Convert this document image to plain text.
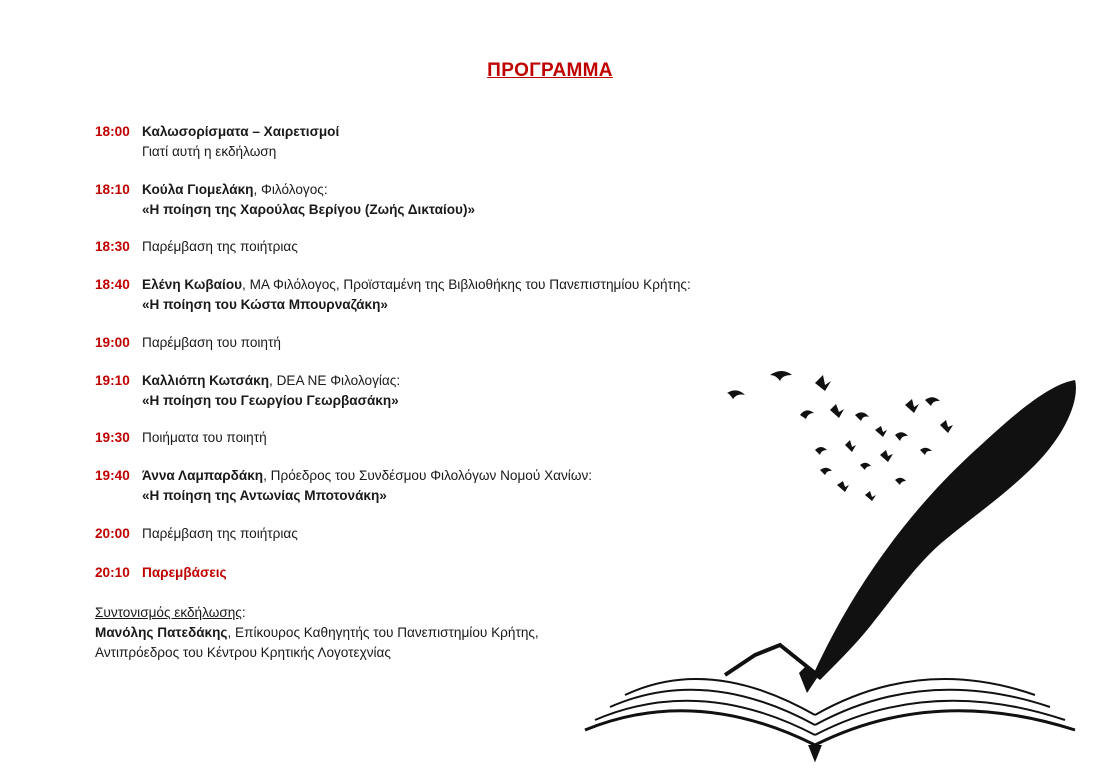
ΠΡΟΓΡΑΜΜΑ
18:00 Καλωσορίσματα – Χαιρετισμοί
Γιατί αυτή η εκδήλωση
18:10 Κούλα Γιομελάκη, Φιλόλογος:
«Η ποίηση της Χαρούλας Βερίγου (Ζωής Δικταίου)»
18:30 Παρέμβαση της ποιήτριας
18:40 Ελένη Κωβαίου, ΜΑ Φιλόλογος, Προϊσταμένη της Βιβλιοθήκης του Πανεπιστημίου Κρήτης:
«Η ποίηση του Κώστα Μπουρναζάκη»
19:00 Παρέμβαση του ποιητή
19:10 Καλλιόπη Κωτσάκη, DEA NE Φιλολογίας:
«Η ποίηση του Γεωργίου Γεωρβασάκη»
19:30 Ποιήματα του ποιητή
19:40 Άννα Λαμπαρδάκη, Πρόεδρος του Συνδέσμου Φιλολόγων Νομού Χανίων:
«Η ποίηση της Αντωνίας Μποτονάκη»
20:00 Παρέμβαση της ποιήτριας
20:10 Παρεμβάσεις
Συντονισμός εκδήλωσης:
Μανόλης Πατεδάκης, Επίκουρος Καθηγητής του Πανεπιστημίου Κρήτης,
Αντιπρόεδρος του Κέντρου Κρητικής Λογοτεχνίας
